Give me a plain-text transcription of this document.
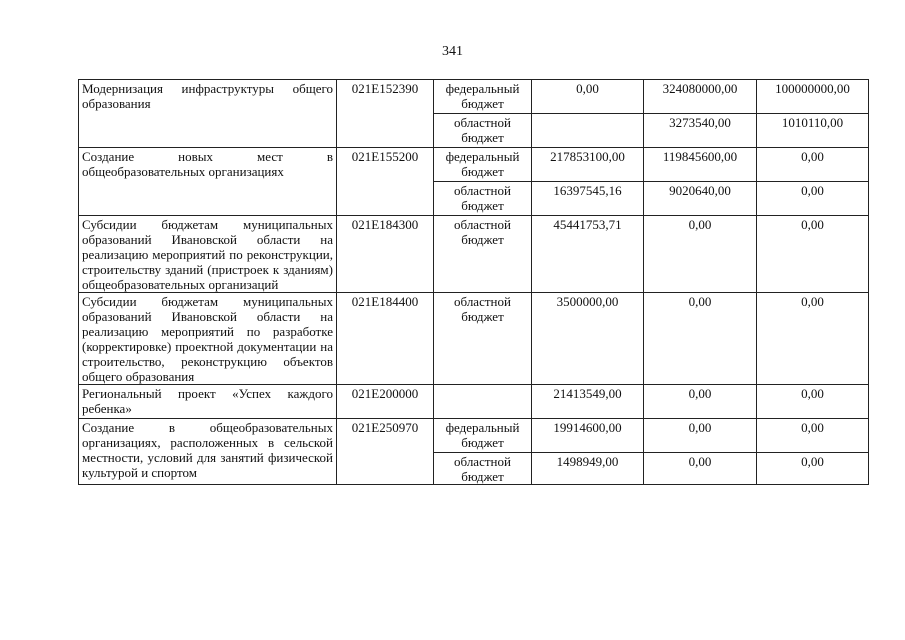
341
Модернизация инфраструктуры общего образования	021E152390	федеральный бюджет	0,00	324080000,00	100000000,00
		областной бюджет		3273540,00	1010110,00
Создание новых мест в общеобразовательных организациях	021E155200	федеральный бюджет	217853100,00	119845600,00	0,00
		областной бюджет	16397545,16	9020640,00	0,00
Субсидии бюджетам муниципальных образований Ивановской области на реализацию мероприятий по реконструкции, строительству зданий (пристроек к зданиям) общеобразовательных организаций	021E184300	областной бюджет	45441753,71	0,00	0,00
Субсидии бюджетам муниципальных образований Ивановской области на реализацию мероприятий по разработке (корректировке) проектной документации на строительство, реконструкцию объектов общего образования	021E184400	областной бюджет	3500000,00	0,00	0,00
Региональный проект «Успех каждого ребенка»	021E200000		21413549,00	0,00	0,00
Создание в общеобразовательных организациях, расположенных в сельской местности, условий для занятий физической культурой и спортом	021E250970	федеральный бюджет	19914600,00	0,00	0,00
		областной бюджет	1498949,00	0,00	0,00
